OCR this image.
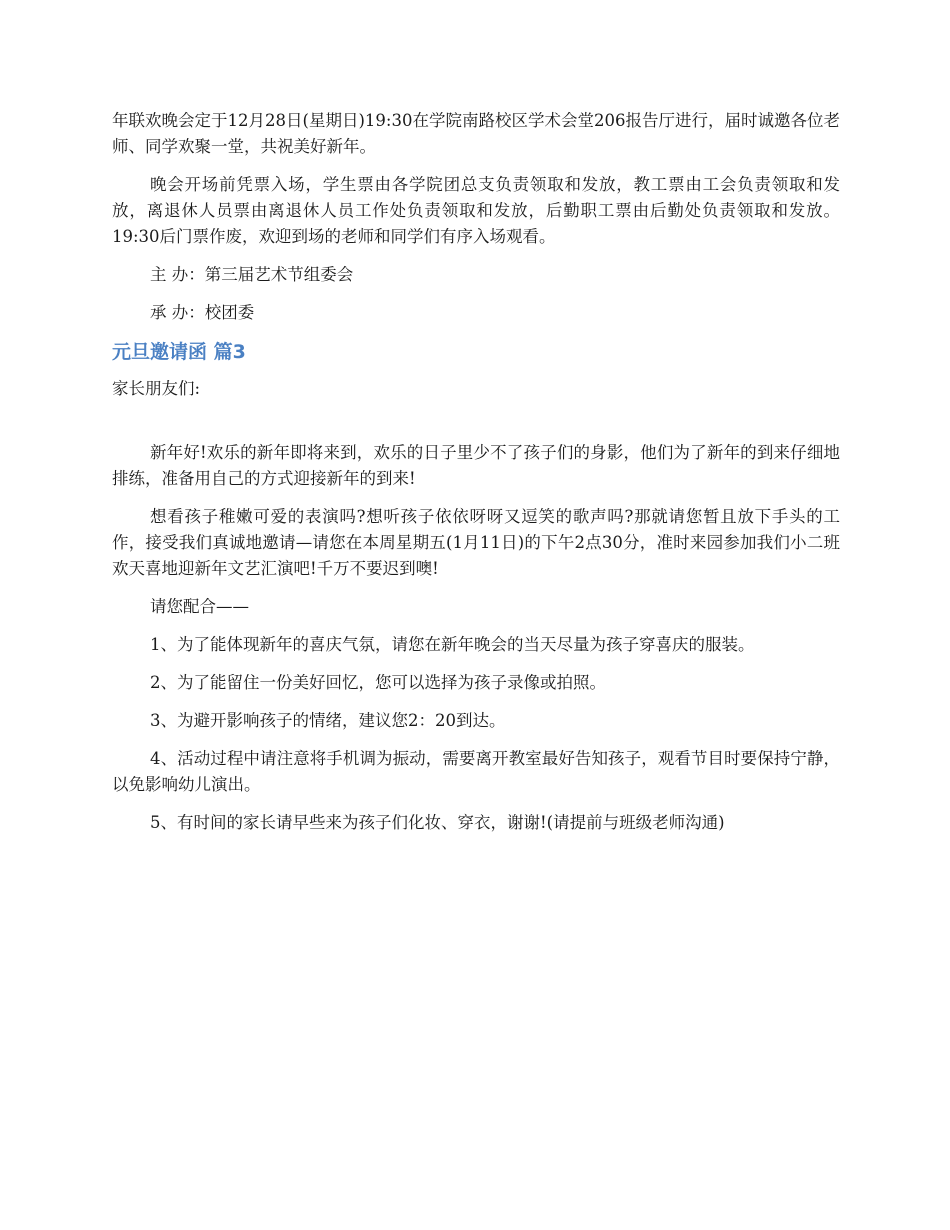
年联欢晚会定于12月28日(星期日)19:30在学院南路校区学术会堂206报告厅进行，届时诚邀各位老师、同学欢聚一堂，共祝美好新年。

晚会开场前凭票入场，学生票由各学院团总支负责领取和发放，教工票由工会负责领取和发放，离退休人员票由离退休人员工作处负责领取和发放，后勤职工票由后勤处负责领取和发放。19:30后门票作废，欢迎到场的老师和同学们有序入场观看。

主 办：第三届艺术节组委会

承 办：校团委

元旦邀请函 篇3

家长朋友们:

新年好!欢乐的新年即将来到，欢乐的日子里少不了孩子们的身影，他们为了新年的到来仔细地排练，准备用自己的方式迎接新年的到来!

想看孩子稚嫩可爱的表演吗?想听孩子依依呀呀又逗笑的歌声吗?那就请您暂且放下手头的工作，接受我们真诚地邀请—请您在本周星期五(1月11日)的下午2点30分，准时来园参加我们小二班欢天喜地迎新年文艺汇演吧!千万不要迟到噢!

请您配合——

1、为了能体现新年的喜庆气氛，请您在新年晚会的当天尽量为孩子穿喜庆的服装。

2、为了能留住一份美好回忆，您可以选择为孩子录像或拍照。

3、为避开影响孩子的情绪，建议您2：20到达。

4、活动过程中请注意将手机调为振动，需要离开教室最好告知孩子，观看节目时要保持宁静，以免影响幼儿演出。

5、有时间的家长请早些来为孩子们化妆、穿衣，谢谢!(请提前与班级老师沟通)
